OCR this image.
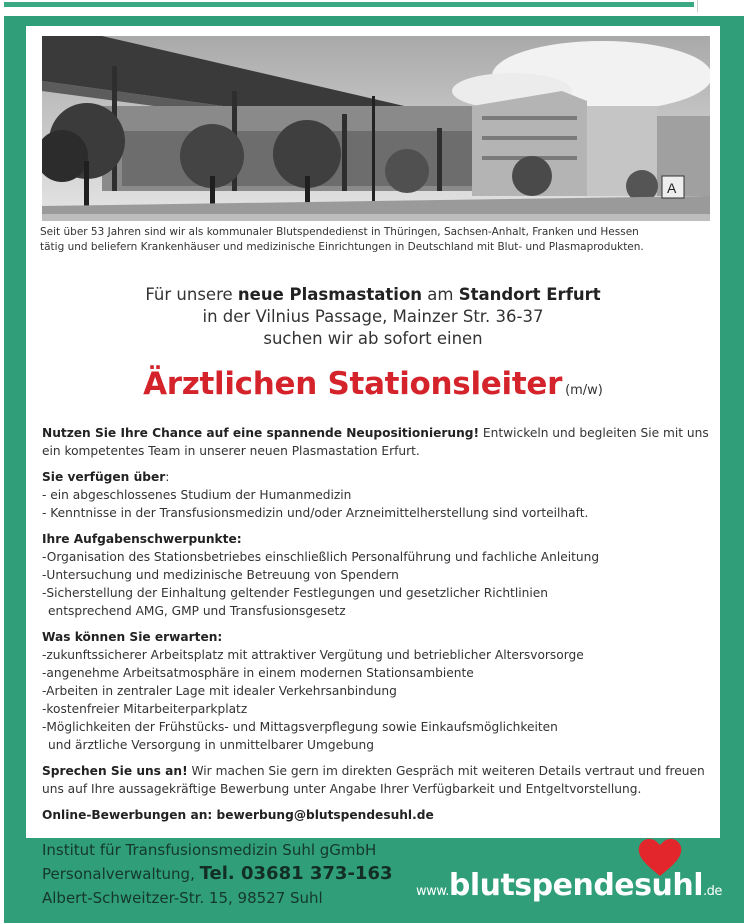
A
Seit über 53 Jahren sind wir als kommunaler Blutspendedienst in Thüringen, Sachsen-Anhalt, Franken und Hessen
tätig und beliefern Krankenhäuser und medizinische Einrichtungen in Deutschland mit Blut- und Plasmaprodukten.
Für unsere neue Plasmastation am Standort Erfurt
in der Vilnius Passage, Mainzer Str. 36-37
suchen wir ab sofort einen
Ärztlichen Stationsleiter (m/w)

Nutzen Sie Ihre Chance auf eine spannende Neupositionierung! Entwickeln und begleiten Sie mit uns ein kompetentes Team in unserer neuen Plasmastation Erfurt.

Sie verfügen über:
- ein abgeschlossenes Studium der Humanmedizin
- Kenntnisse in der Transfusionsmedizin und/oder Arzneimittelherstellung sind vorteilhaft.
Ihre Aufgabenschwerpunkte:
-Organisation des Stationsbetriebes einschließlich Personalführung und fachliche Anleitung
-Untersuchung und medizinische Betreuung von Spendern
-Sicherstellung der Einhaltung geltender Festlegungen und gesetzlicher Richtlinien
entsprechend AMG, GMP und Transfusionsgesetz
Was können Sie erwarten:
-zukunftssicherer Arbeitsplatz mit attraktiver Vergütung und betrieblicher Altersvorsorge
-angenehme Arbeitsatmosphäre in einem modernen Stationsambiente
-Arbeiten in zentraler Lage mit idealer Verkehrsanbindung
-kostenfreier Mitarbeiterparkplatz
-Möglichkeiten der Frühstücks- und Mittagsverpflegung sowie Einkaufsmöglichkeiten
und ärztliche Versorgung in unmittelbarer Umgebung

Sprechen Sie uns an! Wir machen Sie gern im direkten Gespräch mit weiteren Details vertraut und freuen uns auf Ihre aussagekräftige Bewerbung unter Angabe Ihrer Verfügbarkeit und Entgeltvorstellung.

Online-Bewerbungen an: bewerbung@blutspendesuhl.de

Institut für Transfusionsmedizin Suhl gGmbH
Personalverwaltung, Tel. 03681 373-163
Albert-Schweitzer-Str. 15, 98527 Suhl	www.blutspendesuhl.de
